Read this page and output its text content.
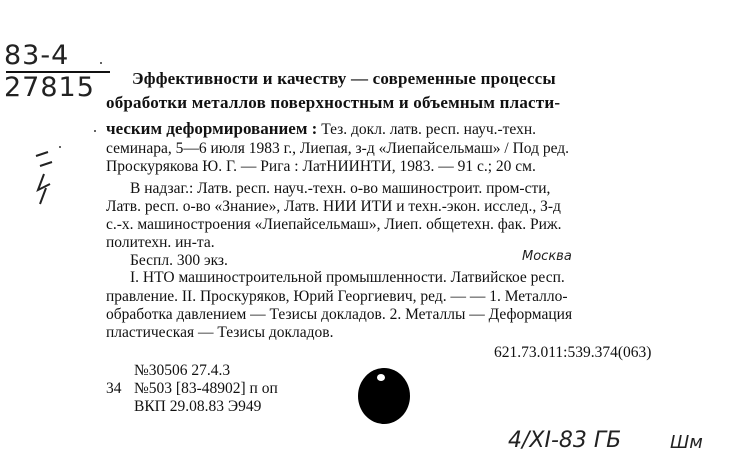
83-4
27815 Эффективности и качеству — современные процессы
обработки металлов поверхностным и объемным пласти-
ческим деформированием : Тез. докл. латв. респ. науч.-техн.
семинара, 5—6 июля 1983 г., Лиепая, з-д «Лиепайсельмаш» / Под ред.
Проскурякова Ю. Г. — Рига : ЛатНИИНТИ, 1983. — 91 с.; 20 см.
В надзаг.: Латв. респ. науч.-техн. о-во машиностроит. пром-сти,
Латв. респ. о-во «Знание», Латв. НИИ ИТИ и техн.-экон. исслед., З-д
с.-х. машиностроения «Лиепайсельмаш», Лиеп. общетехн. фак. Риж.
политехн. ин-та.
Беспл. 300 экз.	Москва
I. НТО машиностроительной промышленности. Латвийское респ.
правление. II. Проскуряков, Юрий Георгиевич, ред. — — 1. Металло-
обработка давлением — Тезисы докладов. 2. Металлы — Деформация
пластическая — Тезисы докладов.
621.73.011:539.374(063)
№30506 27.4.3
34 №503 [83-48902] п оп
ВКП 29.08.83 Э949
4/XI-83 ГБ	Шм
